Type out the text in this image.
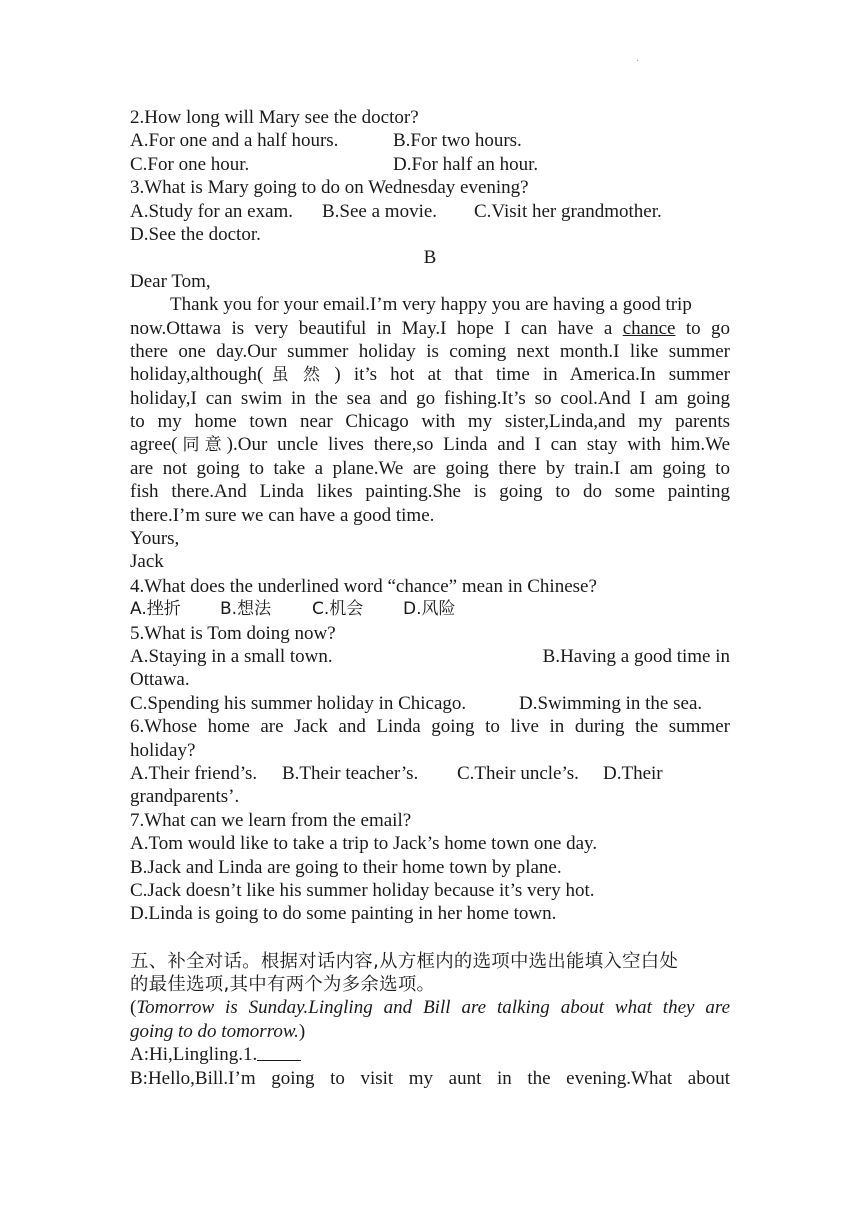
·
2.How long will Mary see the doctor?
A.For one and a half hours.	B.For two hours.
C.For one hour.	D.For half an hour.
3.What is Mary going to do on Wednesday evening?
A.Study for an exam.	B.See a movie.	C.Visit her grandmother.
D.See the doctor.
B
Dear Tom,
Thank you for your email.I’m very happy you are having a good trip
now.Ottawa is very beautiful in May.I hope I can have a chance to go
there one day.Our summer holiday is coming next month.I like summer
holiday,although(虽然) it’s hot at that time in America.In summer
holiday,I can swim in the sea and go fishing.It’s so cool.And I am going
to my home town near Chicago with my sister,Linda,and my parents
agree(同意).Our uncle lives there,so Linda and I can stay with him.We
are not going to take a plane.We are going there by train.I am going to
fish there.And Linda likes painting.She is going to do some painting
there.I’m sure we can have a good time.
Yours,
Jack
4.What does the underlined word “chance” mean in Chinese?
A.挫折	B.想法	C.机会	D.风险
5.What is Tom doing now?
A.Staying in a small town.	B.Having a good time in
Ottawa.
C.Spending his summer holiday in Chicago.	D.Swimming in the sea.
6.Whose home are Jack and Linda going to live in during the summer
holiday?
A.Their friend’s.	B.Their teacher’s.	C.Their uncle’s.	D.Their
grandparents’.
7.What can we learn from the email?
A.Tom would like to take a trip to Jack’s home town one day.
B.Jack and Linda are going to their home town by plane.
C.Jack doesn’t like his summer holiday because it’s very hot.
D.Linda is going to do some painting in her home town.
五、补全对话。根据对话内容,从方框内的选项中选出能填入空白处
的最佳选项,其中有两个为多余选项。
(Tomorrow is Sunday.Lingling and Bill are talking about what they are
going to do tomorrow.)
A:Hi,Lingling.1.
B:Hello,Bill.I’m going to visit my aunt in the evening.What about
